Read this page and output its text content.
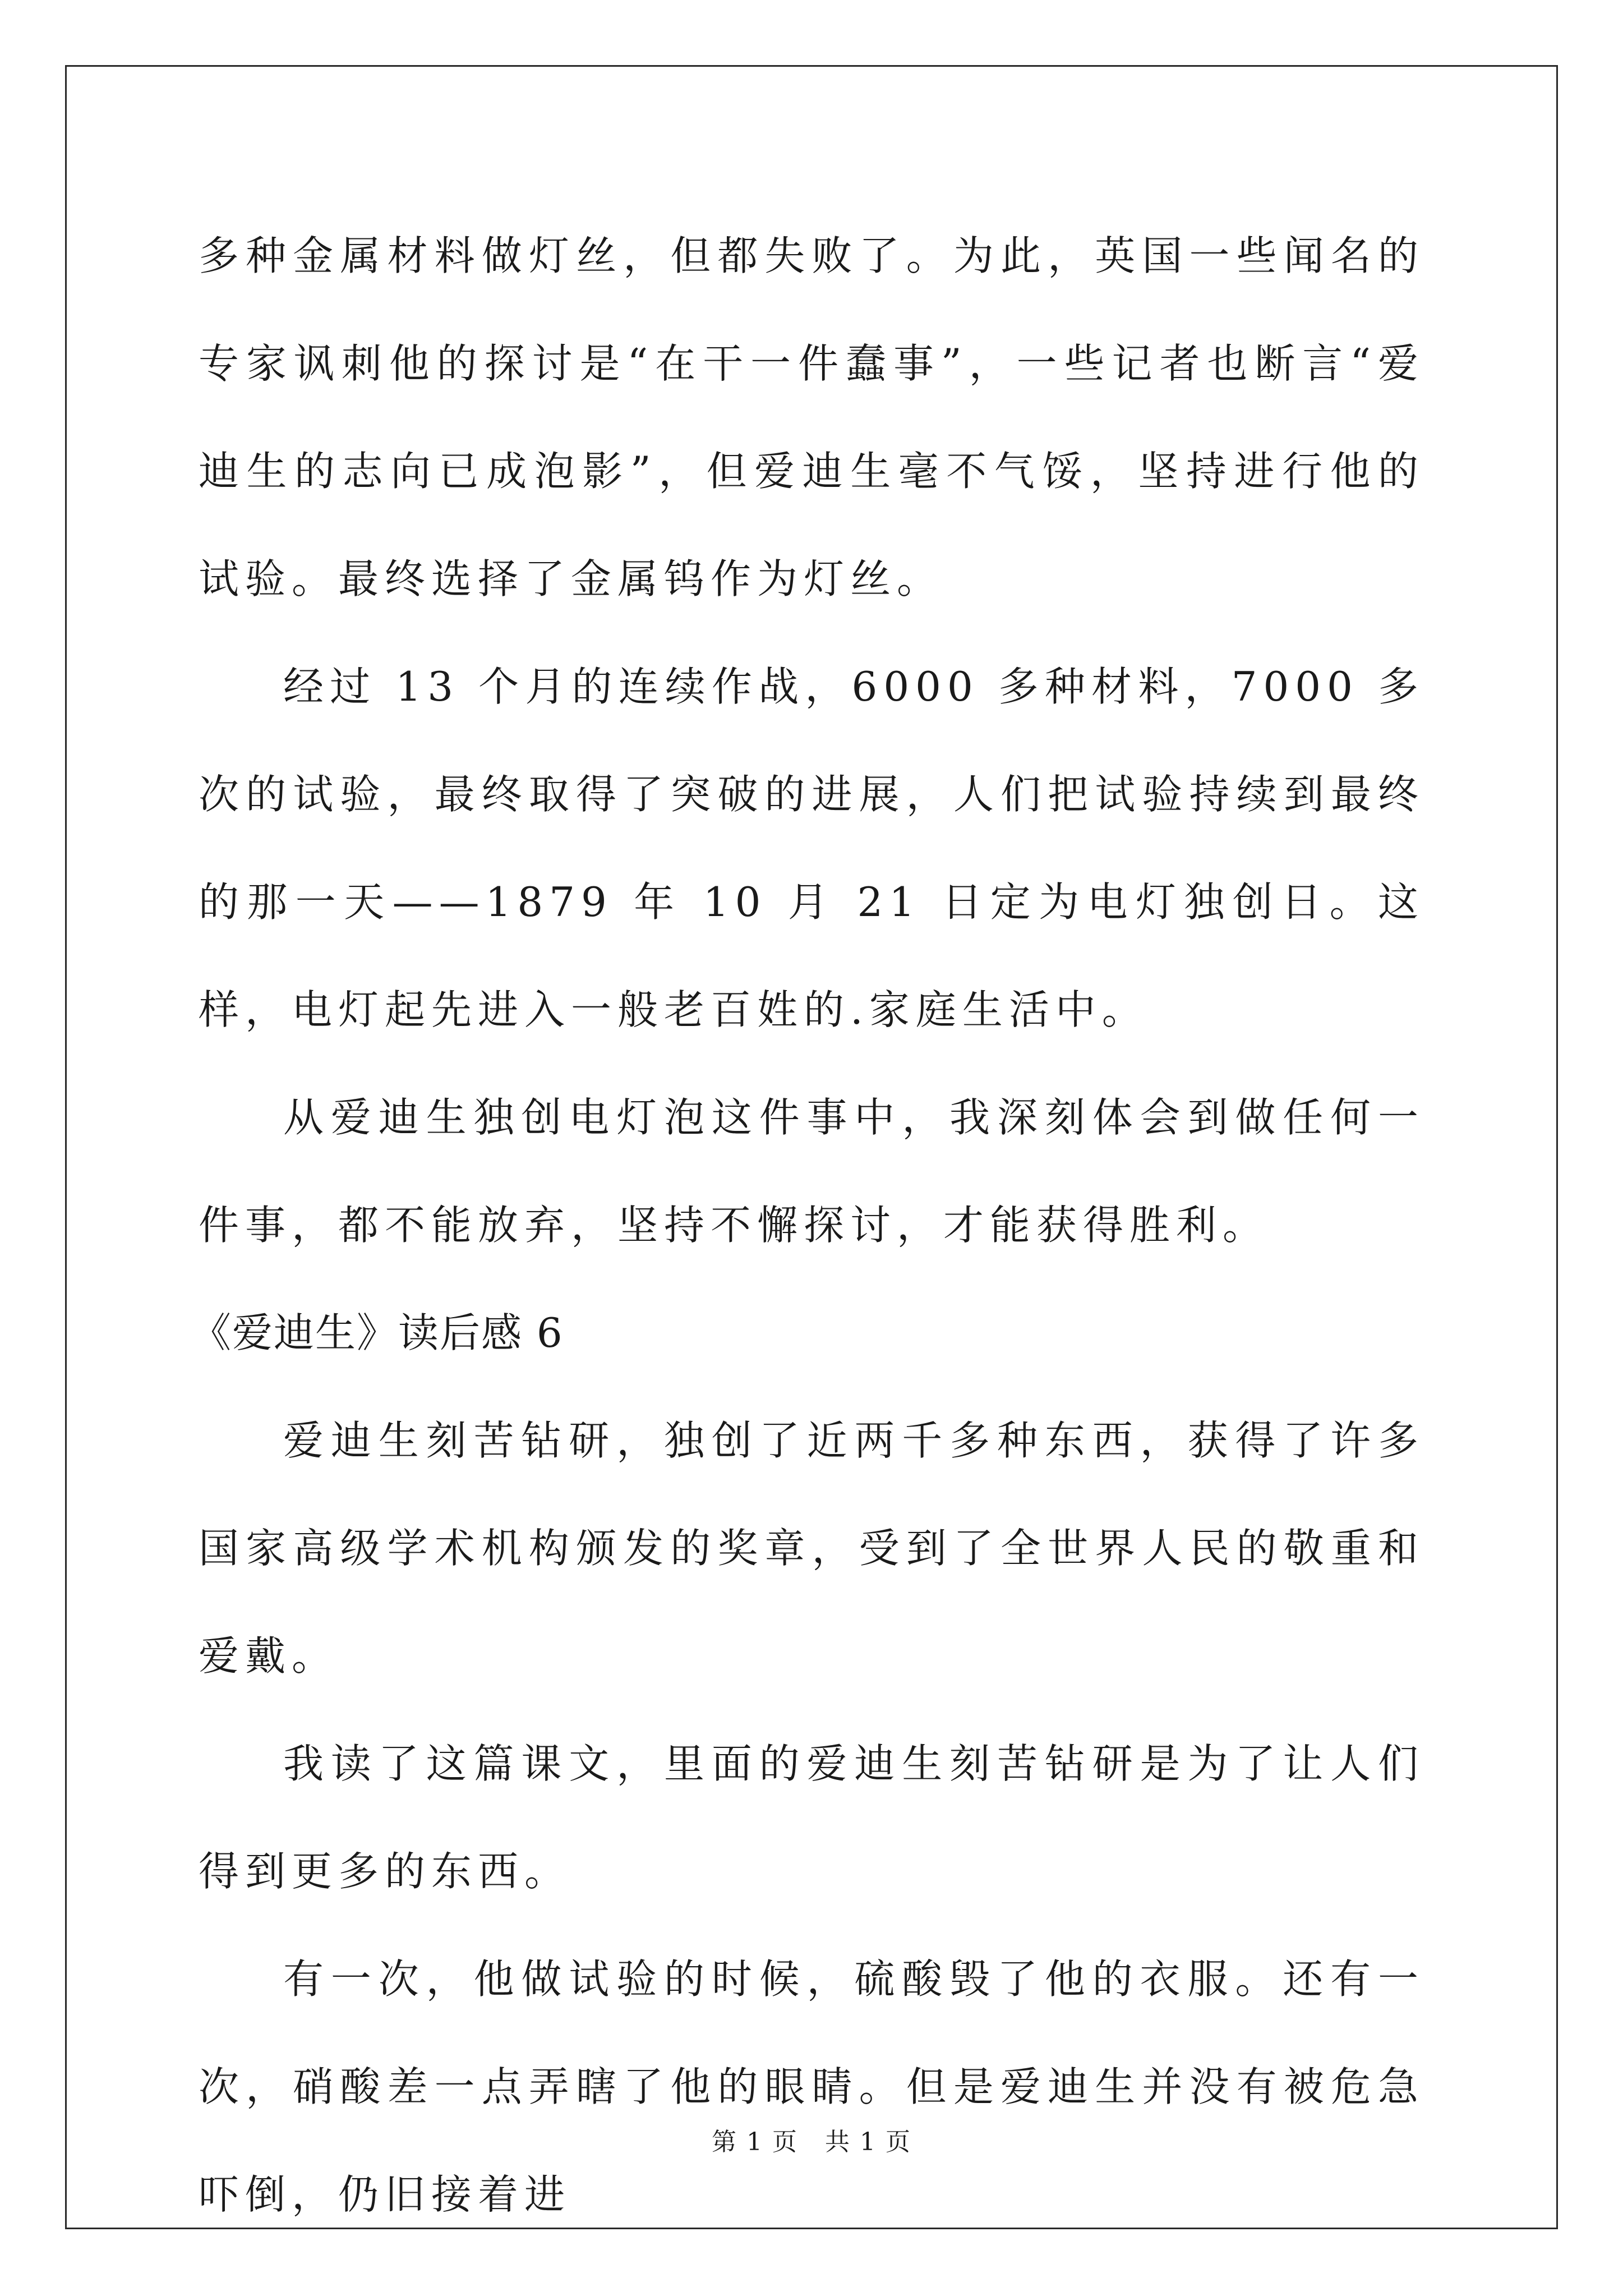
多种金属材料做灯丝，但都失败了。为此，英国一些闻名的专家讽刺他的探讨是“在干一件蠢事”，一些记者也断言“爱迪生的志向已成泡影”，但爱迪生毫不气馁，坚持进行他的试验。最终选择了金属钨作为灯丝。

经过 13 个月的连续作战，6000 多种材料，7000 多次的试验，最终取得了突破的进展，人们把试验持续到最终的那一天——1879 年 10 月 21 日定为电灯独创日。这样，电灯起先进入一般老百姓的.家庭生活中。

从爱迪生独创电灯泡这件事中，我深刻体会到做任何一件事，都不能放弃，坚持不懈探讨，才能获得胜利。

《爱迪生》读后感 6

爱迪生刻苦钻研，独创了近两千多种东西，获得了许多国家高级学术机构颁发的奖章，受到了全世界人民的敬重和爱戴。

我读了这篇课文，里面的爱迪生刻苦钻研是为了让人们得到更多的东西。

有一次，他做试验的时候，硫酸毁了他的衣服。还有一次，硝酸差一点弄瞎了他的眼睛。但是爱迪生并没有被危急吓倒，仍旧接着进

第 1 页 共 1 页
